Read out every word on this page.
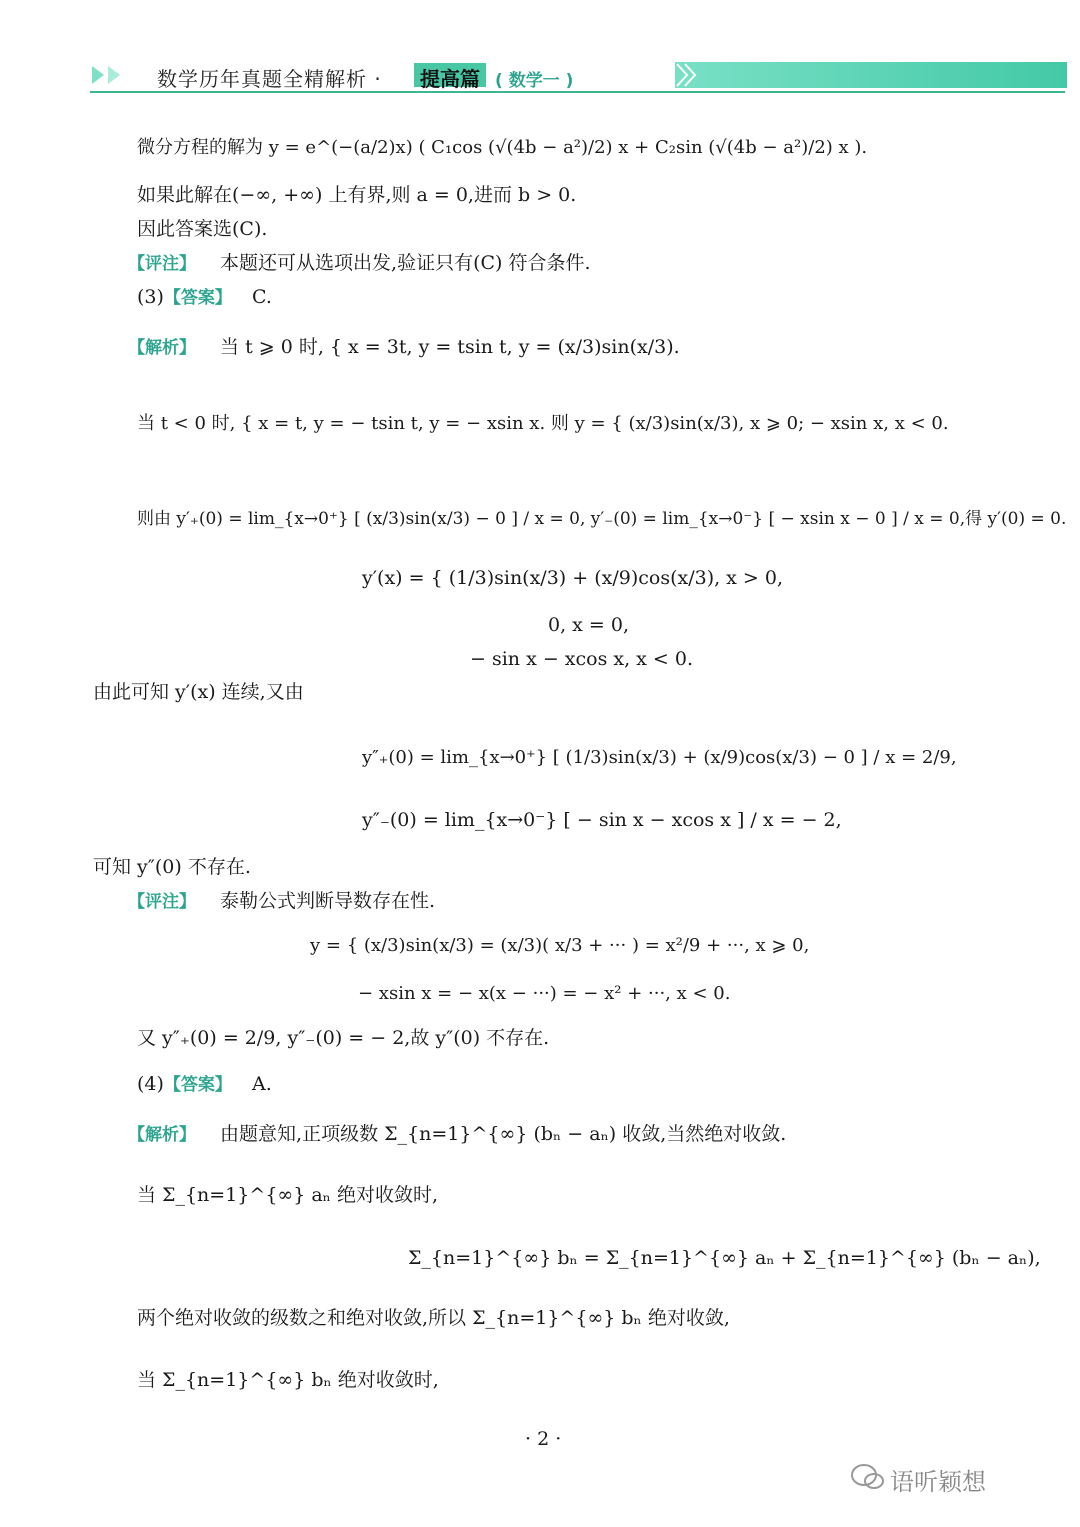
数学历年真题全精解析 ·	提高篇 ( 数学一 )
微分方程的解为 y = e^(−(a/2)x) ( C₁cos (√(4b − a²)/2) x + C₂sin (√(4b − a²)/2) x ).
如果此解在(−∞, +∞) 上有界,则 a = 0,进而 b > 0.
因此答案选(C).
【评注】 本题还可从选项出发,验证只有(C) 符合条件.
(3)【答案】 C.
【解析】 当 t ⩾ 0 时, { x = 3t, y = tsin t, y = (x/3)sin(x/3).
当 t < 0 时, { x = t, y = − tsin t, y = − xsin x. 则 y = { (x/3)sin(x/3), x ⩾ 0; − xsin x, x < 0.
则由 y′₊(0) = lim_{x→0⁺} [ (x/3)sin(x/3) − 0 ] / x = 0, y′₋(0) = lim_{x→0⁻} [ − xsin x − 0 ] / x = 0,得 y′(0) = 0.
y′(x) = { (1/3)sin(x/3) + (x/9)cos(x/3), x > 0,
0, x = 0,
− sin x − xcos x, x < 0.
由此可知 y′(x) 连续,又由
y″₊(0) = lim_{x→0⁺} [ (1/3)sin(x/3) + (x/9)cos(x/3) − 0 ] / x = 2/9,
y″₋(0) = lim_{x→0⁻} [ − sin x − xcos x ] / x = − 2,
可知 y″(0) 不存在.
【评注】 泰勒公式判断导数存在性.
y = { (x/3)sin(x/3) = (x/3)( x/3 + ··· ) = x²/9 + ···, x ⩾ 0,
− xsin x = − x(x − ···) = − x² + ···, x < 0.
又 y″₊(0) = 2/9, y″₋(0) = − 2,故 y″(0) 不存在.
(4)【答案】 A.
【解析】 由题意知,正项级数 Σ_{n=1}^{∞} (bₙ − aₙ) 收敛,当然绝对收敛.
当 Σ_{n=1}^{∞} aₙ 绝对收敛时,
Σ_{n=1}^{∞} bₙ = Σ_{n=1}^{∞} aₙ + Σ_{n=1}^{∞} (bₙ − aₙ),
两个绝对收敛的级数之和绝对收敛,所以 Σ_{n=1}^{∞} bₙ 绝对收敛,
当 Σ_{n=1}^{∞} bₙ 绝对收敛时,
· 2 ·
语听颖想
